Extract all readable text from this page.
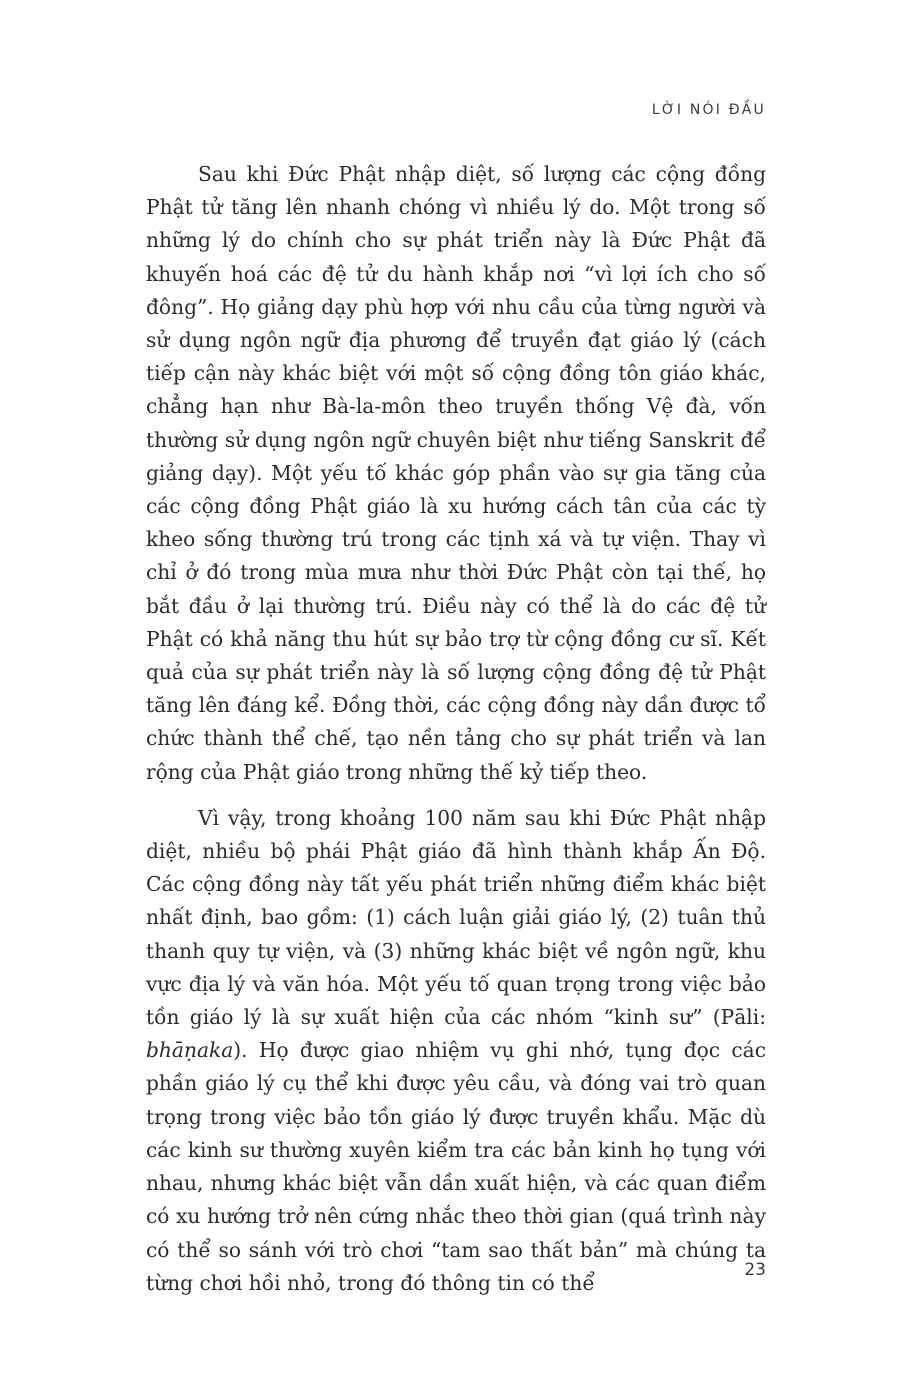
LỜI NÓI ĐẦU

Sau khi Đức Phật nhập diệt, số lượng các cộng đồng Phật tử tăng lên nhanh chóng vì nhiều lý do. Một trong số những lý do chính cho sự phát triển này là Đức Phật đã khuyến hoá các đệ tử du hành khắp nơi “vì lợi ích cho số đông”. Họ giảng dạy phù hợp với nhu cầu của từng người và sử dụng ngôn ngữ địa phương để truyền đạt giáo lý (cách tiếp cận này khác biệt với một số cộng đồng tôn giáo khác, chẳng hạn như Bà-la-môn theo truyền thống Vệ đà, vốn thường sử dụng ngôn ngữ chuyên biệt như tiếng Sanskrit để giảng dạy). Một yếu tố khác góp phần vào sự gia tăng của các cộng đồng Phật giáo là xu hướng cách tân của các tỳ kheo sống thường trú trong các tịnh xá và tự viện. Thay vì chỉ ở đó trong mùa mưa như thời Đức Phật còn tại thế, họ bắt đầu ở lại thường trú. Điều này có thể là do các đệ tử Phật có khả năng thu hút sự bảo trợ từ cộng đồng cư sĩ. Kết quả của sự phát triển này là số lượng cộng đồng đệ tử Phật tăng lên đáng kể. Đồng thời, các cộng đồng này dần được tổ chức thành thể chế, tạo nền tảng cho sự phát triển và lan rộng của Phật giáo trong những thế kỷ tiếp theo.

Vì vậy, trong khoảng 100 năm sau khi Đức Phật nhập diệt, nhiều bộ phái Phật giáo đã hình thành khắp Ấn Độ. Các cộng đồng này tất yếu phát triển những điểm khác biệt nhất định, bao gồm: (1) cách luận giải giáo lý, (2) tuân thủ thanh quy tự viện, và (3) những khác biệt về ngôn ngữ, khu vực địa lý và văn hóa. Một yếu tố quan trọng trong việc bảo tồn giáo lý là sự xuất hiện của các nhóm “kinh sư” (Pāli: bhāṇaka). Họ được giao nhiệm vụ ghi nhớ, tụng đọc các phần giáo lý cụ thể khi được yêu cầu, và đóng vai trò quan trọng trong việc bảo tồn giáo lý được truyền khẩu. Mặc dù các kinh sư thường xuyên kiểm tra các bản kinh họ tụng với nhau, nhưng khác biệt vẫn dần xuất hiện, và các quan điểm có xu hướng trở nên cứng nhắc theo thời gian (quá trình này có thể so sánh với trò chơi “tam sao thất bản” mà chúng ta từng chơi hồi nhỏ, trong đó thông tin có thể

23
